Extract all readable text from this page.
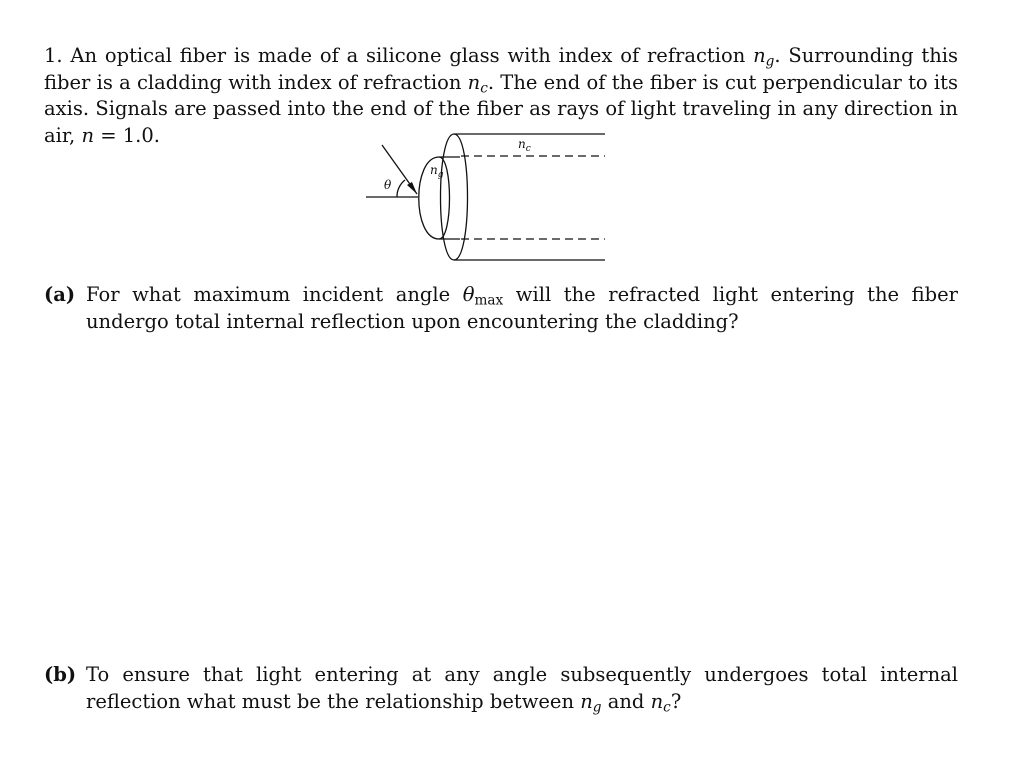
1. An optical fiber is made of a silicone glass with index of refraction $n_g$. Surrounding this fiber is a cladding with index of refraction $n_c$. The end of the fiber is cut perpendicular to its axis. Signals are passed into the end of the fiber as rays of light traveling in any direction in air, n = 1.0.	$n_c$
$n_g$
θ
(a) For what maximum incident angle $\theta_{max}$ will the refracted light entering the fiber undergo total internal reflection upon encountering the cladding?
(b) To ensure that light entering at any angle subsequently undergoes total internal reflection what must be the relationship between $n_g$ and $n_c$?
